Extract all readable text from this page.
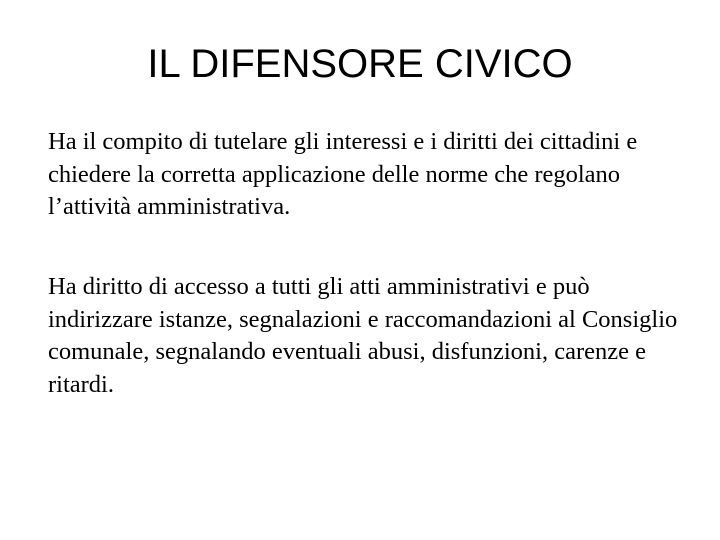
IL DIFENSORE CIVICO

Ha il compito di tutelare gli interessi e i diritti dei cittadini e chiedere la corretta applicazione delle norme che regolano l’attività amministrativa.

Ha diritto di accesso a tutti gli atti amministrativi e può indirizzare istanze, segnalazioni e raccomandazioni al Consiglio comunale, segnalando eventuali abusi, disfunzioni, carenze e ritardi.
